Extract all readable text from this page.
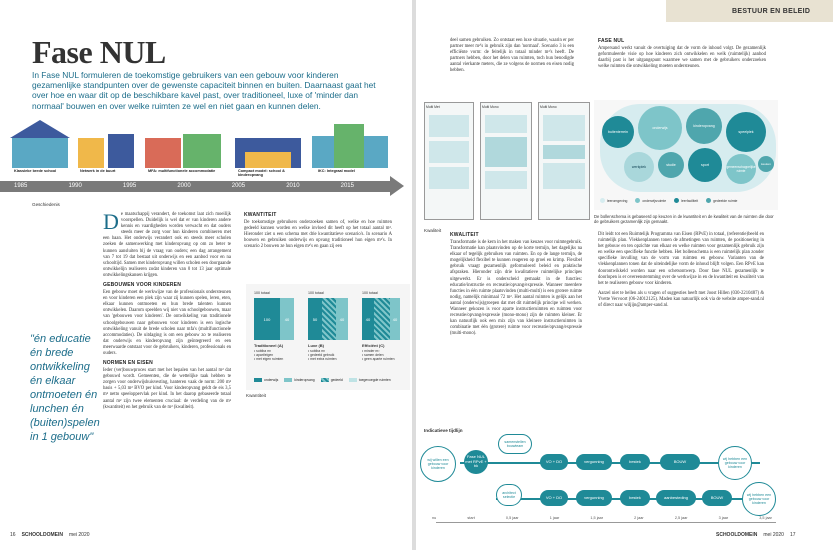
Fase NUL
In Fase NUL formuleren de toekomstige gebruikers van een gebouw voor kinderen gezamenlijke standpunten over de gewenste capaciteit binnen en buiten. Daarnaast gaat het over hoe en waar dit op de beschikbare kavel past, over traditioneel, luxe of 'minder dan normaal' bouwen en over welke ruimten ze wel en niet gaan en kunnen delen.
Klassieke brede school	Netwerk in de buurt	MFA: multifunctionele accommodatie	Compact model: school & kinderopvang
IKC: Integraal model
1985	1990	1995	2000	2005	2010	2015
Geschiedenis
D e maatschappij verandert, de toekomst laat zich moeilijk voorspellen. Duidelijk is wel dat er van kinderen andere kennis en vaardigheden worden verwacht en dat ouders steeds meer de zorg voor hun kinderen combineren met een baan. Het onderwijs verandert ook en steeds meer scholen zoeken de samenwerking met kinderopvang op om zo beter te kunnen aansluiten bij de vraag van ouders; een dag arrangement van 7 tot 19 dat bestaat uit onderwijs en een aanbod voor en na schooltijd. Samen met kinderopvang willen scholen een doorgaande ontwikkelijn realiseren zodat kinderen van 0 tot 13 jaar optimale ontwikkelingskansen krijgen.

GEBOUWEN VOOR KINDEREN

Een gebouw moet de werkwijze van de professionals ondersteunen en voor kinderen een plek zijn waar zij kunnen spelen, leren, eten, elkaar kunnen ontmoeten en hun brede talenten kunnen ontwikkelen. Daarom speelden wij niet van schoolgebouwen, maar van 'gebouwen voor kinderen'. De ontwikkeling van traditionele schoolgebouwen naar gebouwen voor kinderen is een logische ontwikkeling vanuit de brede scholen naar mfa's (multifunctionele accommodaties). De uitdaging is om een gebouw zo te realiseren dat onderwijs en kinderopvang zijn geïntegreerd en een meerwaarde ontstaat voor de gebruikers, kinderen, professionals en ouders.

NORMEN EN EISEN

Ieder (ver)bouwproces start met het bepalen van het aantal m² dat gebouwd wordt. Gemeenten, die de wettelijke taak hebben te zorgen voor onderwijshuisvesting, hanteren vaak de norm: 200 m² basis + 5,03 m² BVO per kind. Voor kinderopvang geldt de eis 3,5 m² netto speeloppervlak per kind. In het daarop gebaseerde totaal aantal m² zijn twee elementen cruciaal: de verdeling van de m² (kwantiteit) en het gebruik van de m² (kwaliteit).

"én educatie én brede ontwikkeling én elkaar ontmoeten én lunchen én (buiten)spelen in 1 gebouw"
KWANTITEIT

De toekomstige gebruikers onderzoeken samen of, welke en hoe ruimten gedeeld kunnen worden en welke invloed dit heeft op het totaal aantal m². Hieronder ziet u een schema met drie kwantitatieve scenario's. In scenario A bouwen en gebruiken onderwijs en opvang traditioneel hun eigen m²'s. In scenario 2 bouwen ze hun eigen m²'s en gaan zij een

100 totaal
100	40
Traditioneel (A)
• sobiba m²
• apart/eigen
• met eigen ruimten
100 totaal
50	40
Luxe (B)
• sobiba m²
• gedeeld gebruik
• met extra ruimten
100 totaal
40	40
Efficiënt (C)
• minder m²
• samen delen
• geen aparte ruimten
onderwijs	kinderopvang	gedeeld	toegevoegde ruimten
Kwantiteit
16 SCHOOLDOMEIN mei 2020
BESTUUR EN BELEID

deel samen gebruiken. Zo ontstaat een luxe situatie, waarin er per partner meer m²'s in gebruik zijn dan 'normaal'. Scenario 3 is een efficiënte vorm: de feitelijk in totaal minder m²'s heeft. De partners hebben, door het delen van ruimten, toch hun benodigde aantal vierkante meters, die ze volgens de normen en eisen nodig hebben.

Multi Met	Multi Mono	Multi Mono
Kwaliteit
FASE NUL

Ampersand werkt vanuit de overtuiging dat de vorm de inhoud volgt. De gezamenlijk geformuleerde visie op hoe kinderen zich ontwikkelen en welk (ruimtelijk) aanbod daarbij past is het uitgangspunt waarmee we samen met de gebruikers onderzoeken welke ruimten die ontwikkeling moeten ondersteunen.

buitenterrein
onderwijs	kinderopvang
speelplek
werkplek	studie	sport	gemeenschappelijke ruimte
keuken
leeromgeving	onderwijsruimte	leerfaciliteit	gedeelde ruimte
De bollenschema is gebaseerd op keuzen in de kwantiteit en de kwaliteit van de ruimten die door de gebruikers gezamenlijk zijn gemaakt.
KWALITEIT

Transformatie is de kern in het maken van keuzes voor ruimtegebruik. Transformatie kan plaatsvinden op de korte termijn, het dagelijks na elkaar of tegelijk gebruiken van ruimten. En op de lange termijn, de mogelijkheid flexibel te kunnen reageren op groei en krimp. Flexibel gebruik vraagt gezamenlijk geformuleerd beleid en praktische afspraken. Hieronder zijn drie kwalitatieve ruimtelijke principes uitgewerkt. Er is onderscheid gemaakt in de functies: educatie/instructie en recreatie/opvang/expressie. Wanneer meerdere functies in één ruimte plaatsvinden (multi-multi) is een grotere ruimte nodig, namelijk minimaal 72 m². Het aantal ruimten is gelijk aan het aantal (onderwijs)groepen dat met dit ruimtelijk principe wil werken. Wanneer gekozen is voor aparte instructieruimten en ruimten voor recreatie/opvang/expressie (mono-mono) zijn de ruimten kleiner. Er kan natuurlijk ook een mix zijn van kleinere instructieruimten in combinatie met één (grotere) ruimte voor recreatie/opvang/expressie (multi-mono).

Dit leidt tot een Ruimtelijk Programma van Eisen (RPvE) in totaal, (referentie)beeld en ruimtelijk plan. Vlekkenplannen tonen de afmetingen van ruimten, de positionering in het gebouw en ten opzichte van elkaar en welke ruimten voor gezamenlijk gebruik zijn en welke een specifieke functie hebben. Het bollenschema is een ruimtelijk plan zonder specifieke invulling van de vorm van ruimten en gebouw. Varianten van de vlekkenplannen tonen dat de uiteindelijke vorm de inhoud blijft volgen. Een RPvE kan doorontwikkeld worden naar een schetsontwerp. Door fase NUL gezamenlijk te doorlopen is er overeenstemming over de werkwijze in en de kwantiteit en kwaliteit van het te realiseren gebouw voor kinderen.

Aarzel niet te bellen als u vragen of suggesties heeft met Joost Hillen (030-2210487) & Yvette Vervoort (06-24012125). Maden kan natuurlijk ook via de website amper-sand.nl of direct naar wiljijn@amper-sand.nl.

Indicatieve tijdlijn
wij willen een gebouw voor kinderen
Fase NUL met RPvE + bk
samenstellen bouwteam
VO + DO	vergunning	bestek	BOUW	wij hebben een gebouw voor kinderen
architect selectie	VO + DO	vergunning	bestek	aanbesteding	BOUW	wij hebben een gebouw voor kinderen
nu	start	0,5 jaar	1 jaar	1,5 jaar	2 jaar	2,5 jaar	3 jaar	3,5 jaar
SCHOOLDOMEIN mei 2020 17
